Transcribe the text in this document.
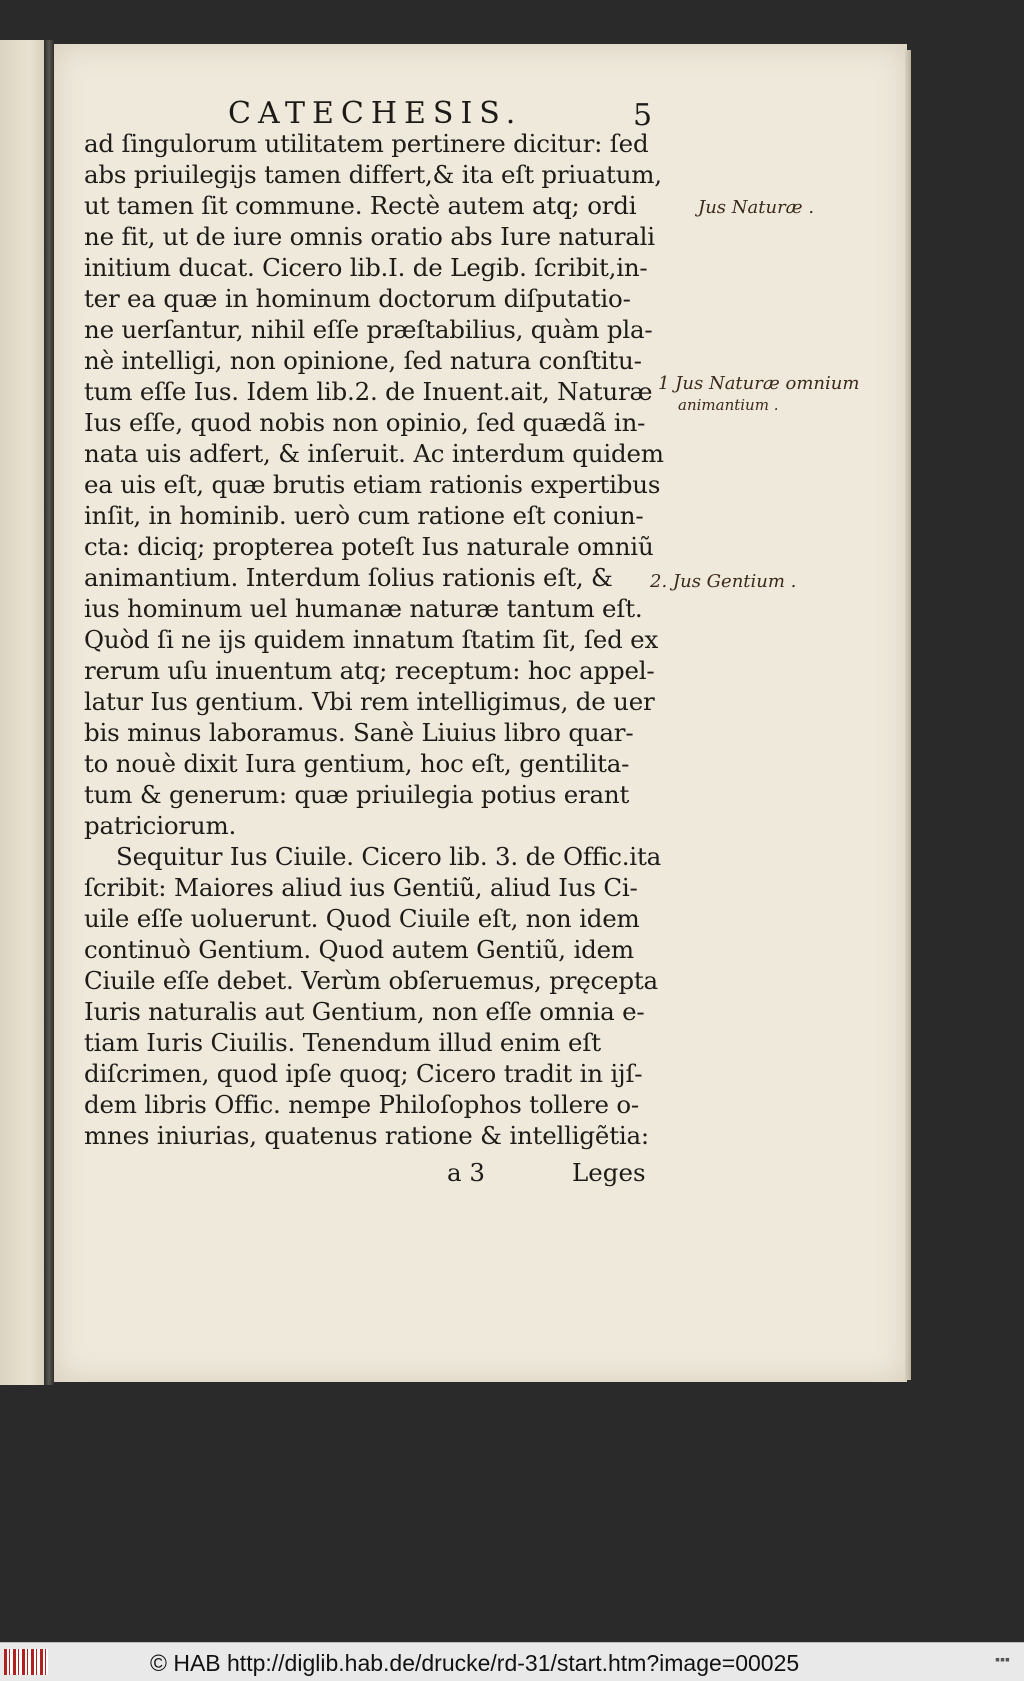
CATECHESIS.	5
ad ſingulorum utilitatem pertinere dicitur: ſed
abs priuilegijs tamen differt,& ita eſt priuatum,
ut tamen ſit commune. Rectè autem atq; ordi
ne fit, ut de iure omnis oratio abs Iure naturali
initium ducat. Cicero lib.I. de Legib. ſcribit,in-
ter ea quæ in hominum doctorum diſputatio-
ne uerſantur, nihil eſſe præſtabilius, quàm pla-
nè intelligi, non opinione, ſed natura conſtitu-
tum eſſe Ius. Idem lib.2. de Inuent.ait, Naturæ
Ius eſſe, quod nobis non opinio, ſed quædã in-
nata uis adfert, & inſeruit. Ac interdum quidem
ea uis eſt, quæ brutis etiam rationis expertibus
inſit, in hominib. uerò cum ratione eſt coniun-
cta: diciq; propterea poteſt Ius naturale omniũ
animantium. Interdum ſolius rationis eſt, &
ius hominum uel humanæ naturæ tantum eſt.
Quòd ſi ne ijs quidem innatum ſtatim ſit, ſed ex
rerum uſu inuentum atq; receptum: hoc appel-
latur Ius gentium. Vbi rem intelligimus, de uer
bis minus laboramus. Sanè Liuius libro quar-
to nouè dixit Iura gentium, hoc eſt, gentilita-
tum & generum: quæ priuilegia potius erant
patriciorum.
Sequitur Ius Ciuile. Cicero lib. 3. de Offic.ita
ſcribit: Maiores aliud ius Gentiũ, aliud Ius Ci-
uile eſſe uoluerunt. Quod Ciuile eſt, non idem
continuò Gentium. Quod autem Gentiũ, idem
Ciuile eſſe debet. Verùm obſeruemus, pręcepta
Iuris naturalis aut Gentium, non eſſe omnia e-
tiam Iuris Ciuilis. Tenendum illud enim eſt
diſcrimen, quod ipſe quoq; Cicero tradit in ijſ-
dem libris Offic. nempe Philoſophos tollere o-
mnes iniurias, quatenus ratione & intelligẽtia:
a 3	Leges
Jus Naturæ .
1 Jus Naturæ omnium
animantium .
2. Jus Gentium .
© HAB http://diglib.hab.de/drucke/rd-31/start.htm?image=00025	▪▪▪
